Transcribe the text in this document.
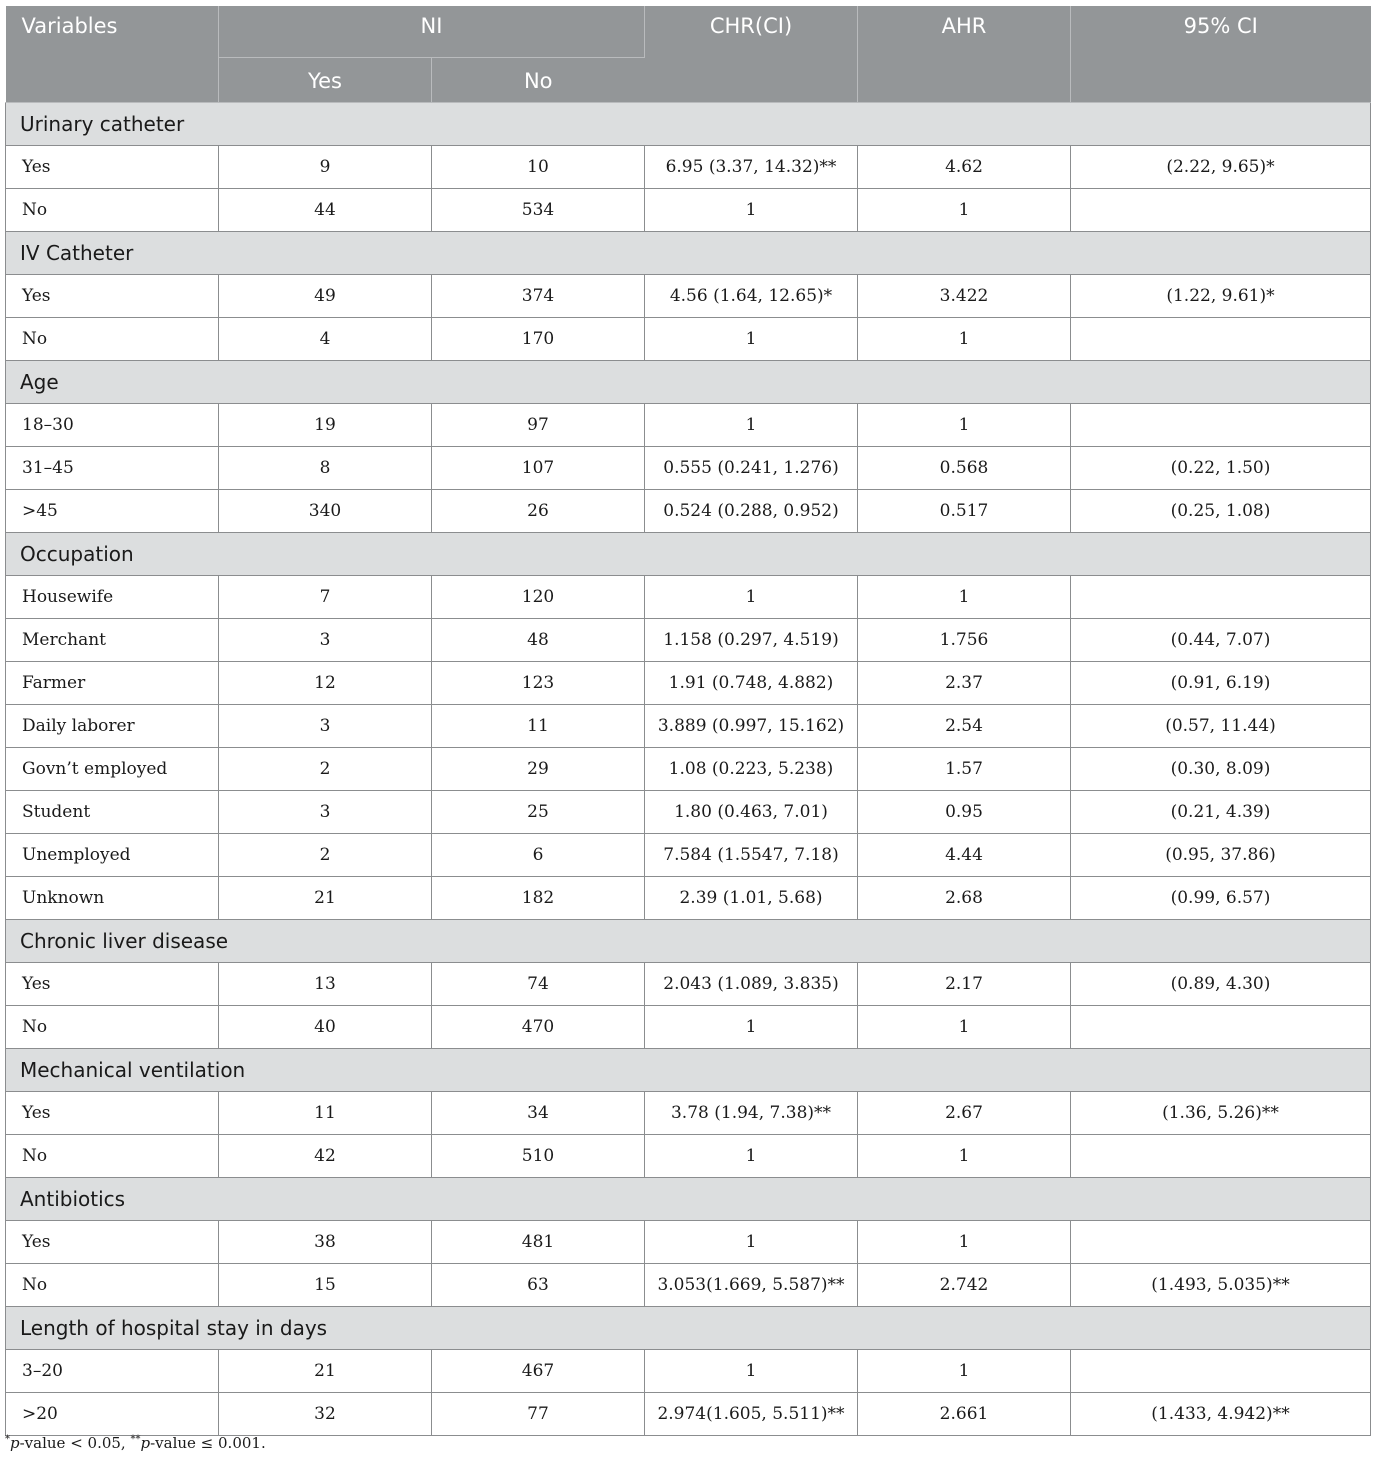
Variables	NI		CHR(CI)	AHR	95% CI
	Yes	No			
Urinary catheter					
Yes	9	10	6.95 (3.37, 14.32)**	4.62	(2.22, 9.65)*
No	44	534	1	1	
IV Catheter					
Yes	49	374	4.56 (1.64, 12.65)*	3.422	(1.22, 9.61)*
No	4	170	1	1	
Age					
18–30	19	97	1	1	
31–45	8	107	0.555 (0.241, 1.276)	0.568	(0.22, 1.50)
>45	340	26	0.524 (0.288, 0.952)	0.517	(0.25, 1.08)
Occupation					
Housewife	7	120	1	1	
Merchant	3	48	1.158 (0.297, 4.519)	1.756	(0.44, 7.07)
Farmer	12	123	1.91 (0.748, 4.882)	2.37	(0.91, 6.19)
Daily laborer	3	11	3.889 (0.997, 15.162)	2.54	(0.57, 11.44)
Govn’t employed	2	29	1.08 (0.223, 5.238)	1.57	(0.30, 8.09)
Student	3	25	1.80 (0.463, 7.01)	0.95	(0.21, 4.39)
Unemployed	2	6	7.584 (1.5547, 7.18)	4.44	(0.95, 37.86)
Unknown	21	182	2.39 (1.01, 5.68)	2.68	(0.99, 6.57)
Chronic liver disease					
Yes	13	74	2.043 (1.089, 3.835)	2.17	(0.89, 4.30)
No	40	470	1	1	
Mechanical ventilation					
Yes	11	34	3.78 (1.94, 7.38)**	2.67	(1.36, 5.26)**
No	42	510	1	1	
Antibiotics					
Yes	38	481	1	1	
No	15	63	3.053(1.669, 5.587)**	2.742	(1.493, 5.035)**
Length of hospital stay in days					
3–20	21	467	1	1	
>20	32	77	2.974(1.605, 5.511)**	2.661	(1.433, 4.942)**
*p-value < 0.05, **p-value ≤ 0.001.
